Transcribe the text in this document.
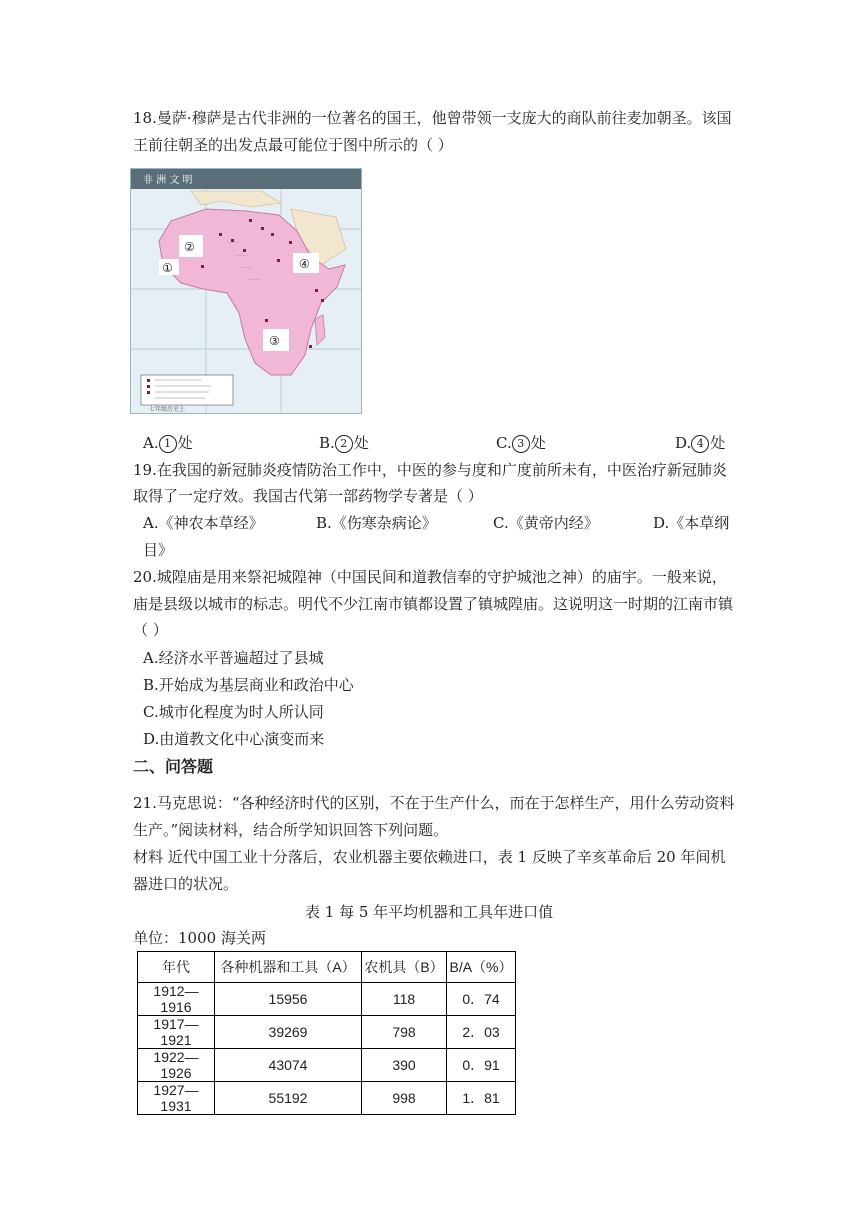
18.曼萨·穆萨是古代非洲的一位著名的国王，他曾带领一支庞大的商队前往麦加朝圣。该国
王前往朝圣的出发点最可能位于图中所示的（ ）
非 洲 文 明
·······
········
·······
·······
①
②
③
④
七年级历史上
A. 1 处	B. 2 处	C. 3 处	D. 4 处
19.在我国的新冠肺炎疫情防治工作中，中医的参与度和广度前所未有，中医治疗新冠肺炎
取得了一定疗效。我国古代第一部药物学专著是（ ）
A.《神农本草经》	B.《伤寒杂病论》	C.《黄帝内经》	D.《本草纲
目》
20.城隍庙是用来祭祀城隍神（中国民间和道教信奉的守护城池之神）的庙宇。一般来说，
庙是县级以城市的标志。明代不少江南市镇都设置了镇城隍庙。这说明这一时期的江南市镇
（ ）
A.经济水平普遍超过了县城
B.开始成为基层商业和政治中心
C.城市化程度为时人所认同
D.由道教文化中心演变而来
二、问答题
21.马克思说：“各种经济时代的区别，不在于生产什么，而在于怎样生产，用什么劳动资料
生产。”阅读材料，结合所学知识回答下列问题。
材料 近代中国工业十分落后，农业机器主要依赖进口，表 1 反映了辛亥革命后 20 年间机
器进口的状况。
表 1 每 5 年平均机器和工具年进口值
单位：1000 海关两
年代	各种机器和工具（A）	农机具（B）	B/A（%）
1912—1916	15956	118	0．74
1917—1921	39269	798	2．03
1922—1926	43074	390	0．91
1927—1931	55192	998	1．81
